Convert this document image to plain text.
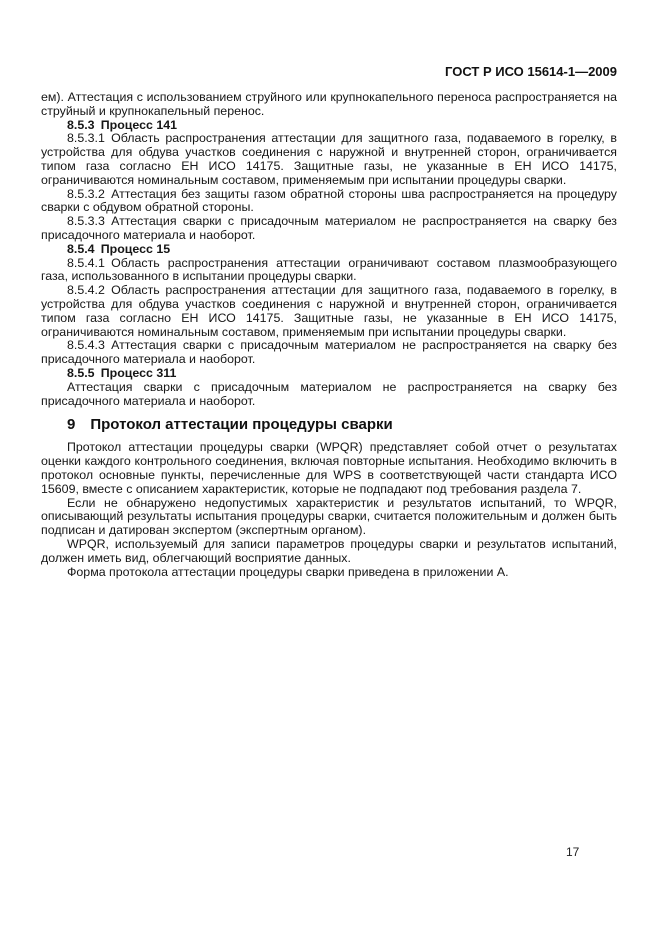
ГОСТ Р ИСО 15614-1—2009

ем). Аттестация с использованием струйного или крупнокапельного переноса распространяется на струйный и крупнокапельный перенос.

8.5.3 Процесс 141

8.5.3.1 Область распространения аттестации для защитного газа, подаваемого в горелку, в устройства для обдува участков соединения с наружной и внутренней сторон, ограничивается типом газа согласно ЕН ИСО 14175. Защитные газы, не указанные в ЕН ИСО 14175, ограничиваются номинальным составом, применяемым при испытании процедуры сварки.

8.5.3.2 Аттестация без защиты газом обратной стороны шва распространяется на процедуру сварки с обдувом обратной стороны.

8.5.3.3 Аттестация сварки с присадочным материалом не распространяется на сварку без присадочного материала и наоборот.

8.5.4 Процесс 15

8.5.4.1 Область распространения аттестации ограничивают составом плазмообразующего газа, использованного в испытании процедуры сварки.

8.5.4.2 Область распространения аттестации для защитного газа, подаваемого в горелку, в устройства для обдува участков соединения с наружной и внутренней сторон, ограничивается типом газа согласно ЕН ИСО 14175. Защитные газы, не указанные в ЕН ИСО 14175, ограничиваются номинальным составом, применяемым при испытании процедуры сварки.

8.5.4.3 Аттестация сварки с присадочным материалом не распространяется на сварку без присадочного материала и наоборот.

8.5.5 Процесс 311

Аттестация сварки с присадочным материалом не распространяется на сварку без присадочного материала и наоборот.

9 Протокол аттестации процедуры сварки

Протокол аттестации процедуры сварки (WPQR) представляет собой отчет о результатах оценки каждого контрольного соединения, включая повторные испытания. Необходимо включить в протокол основные пункты, перечисленные для WPS в соответствующей части стандарта ИСО 15609, вместе с описанием характеристик, которые не подпадают под требования раздела 7.

Если не обнаружено недопустимых характеристик и результатов испытаний, то WPQR, описывающий результаты испытания процедуры сварки, считается положительным и должен быть подписан и датирован экспертом (экспертным органом).

WPQR, используемый для записи параметров процедуры сварки и результатов испытаний, должен иметь вид, облегчающий восприятие данных.

Форма протокола аттестации процедуры сварки приведена в приложении А.

17
